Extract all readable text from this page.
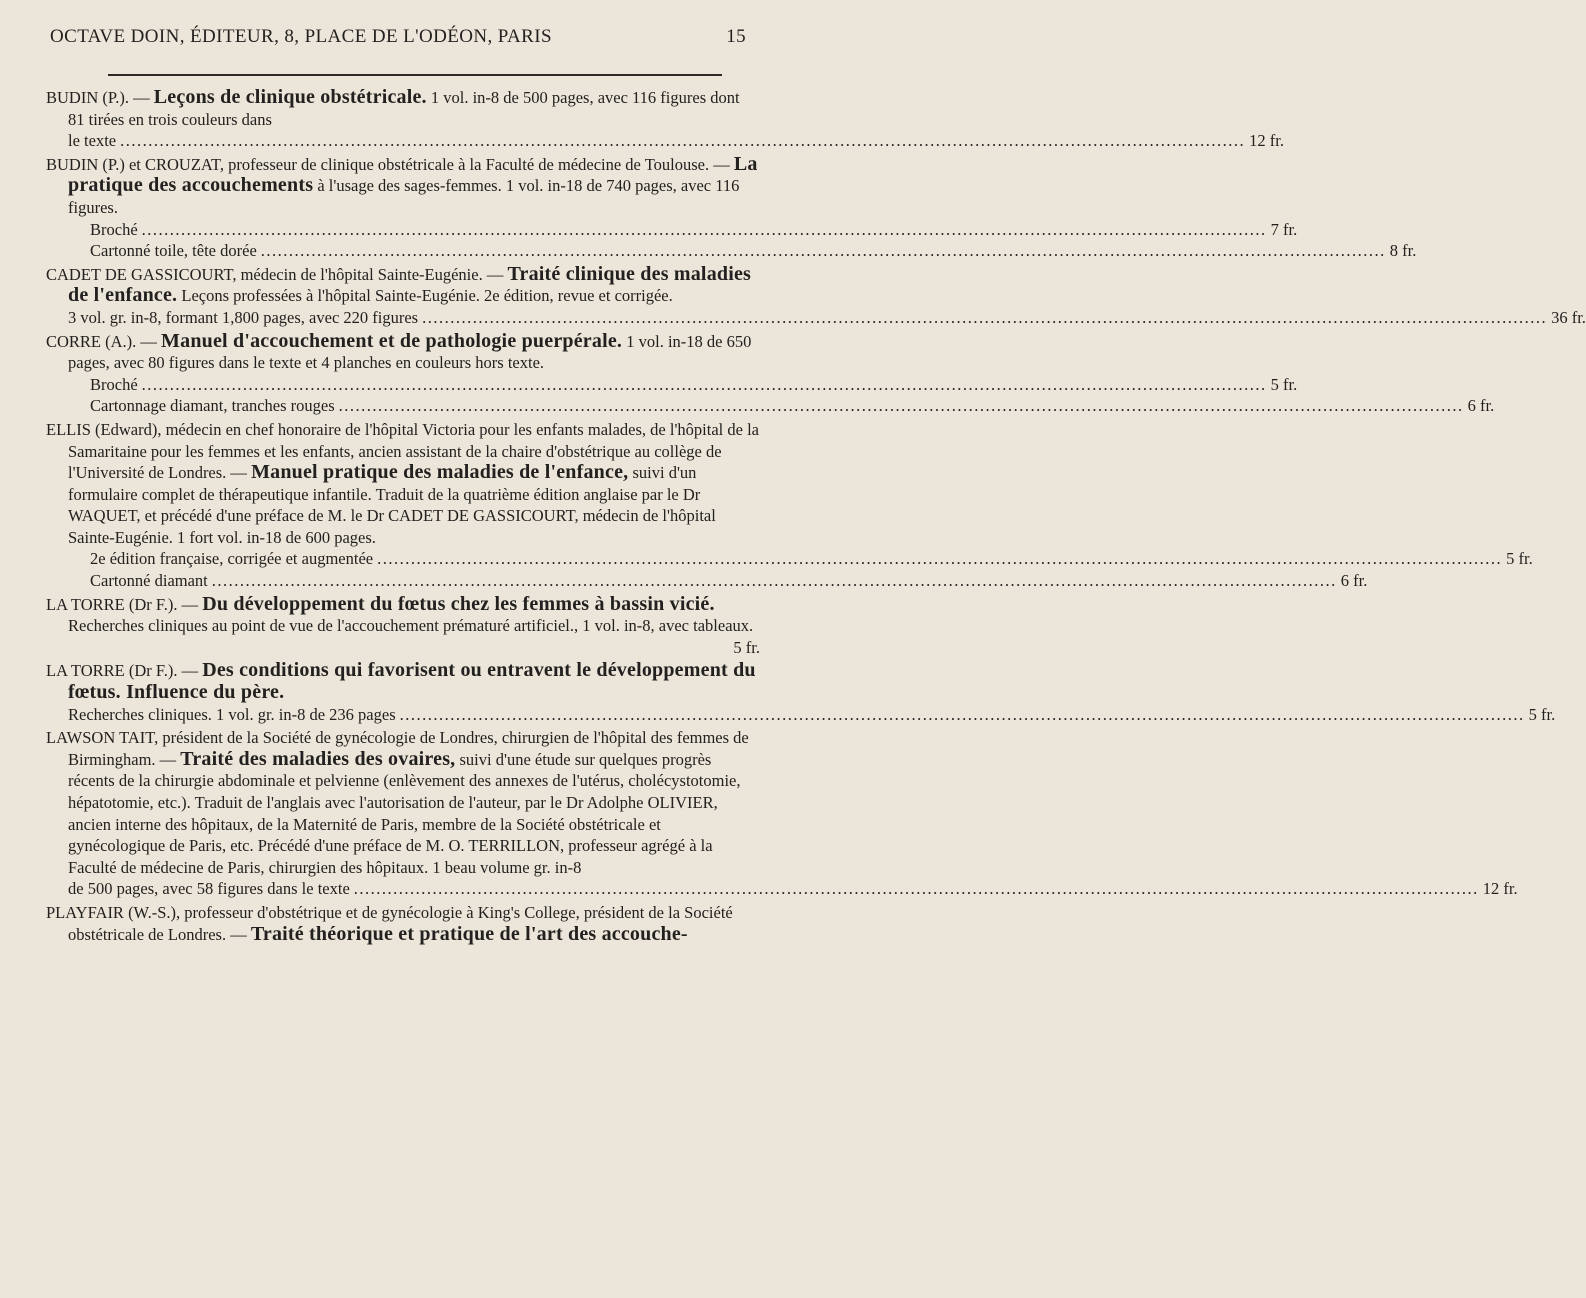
OCTAVE DOIN, ÉDITEUR, 8, PLACE DE L'ODÉON, PARIS	15
BUDIN (P.). — Leçons de clinique obstétricale. 1 vol. in-8 de 500 pages, avec 116 figures dont 81 tirées en trois couleurs dans
le texte ........................................................................................................................................................................................................ 12 fr.
BUDIN (P.) et CROUZAT, professeur de clinique obstétricale à la Faculté de médecine de Toulouse. — La pratique des accouchements à l'usage des sages-femmes. 1 vol. in-18 de 740 pages, avec 116 figures.
Broché ........................................................................................................................................................................................................ 7 fr.
Cartonné toile, tête dorée ........................................................................................................................................................................................................ 8 fr.
CADET DE GASSICOURT, médecin de l'hôpital Sainte-Eugénie. — Traité clinique des maladies de l'enfance. Leçons professées à l'hôpital Sainte-Eugénie. 2e édition, revue et corrigée.
3 vol. gr. in-8, formant 1,800 pages, avec 220 figures ........................................................................................................................................................................................................ 36 fr.
CORRE (A.). — Manuel d'accouchement et de pathologie puerpérale. 1 vol. in-18 de 650 pages, avec 80 figures dans le texte et 4 planches en couleurs hors texte.
Broché ........................................................................................................................................................................................................ 5 fr.
Cartonnage diamant, tranches rouges ........................................................................................................................................................................................................ 6 fr.
ELLIS (Edward), médecin en chef honoraire de l'hôpital Victoria pour les enfants malades, de l'hôpital de la Samaritaine pour les femmes et les enfants, ancien assistant de la chaire d'obstétrique au collège de l'Université de Londres. — Manuel pratique des maladies de l'enfance, suivi d'un formulaire complet de thérapeutique infantile. Traduit de la quatrième édition anglaise par le Dr WAQUET, et précédé d'une préface de M. le Dr CADET DE GASSICOURT, médecin de l'hôpital Sainte-Eugénie. 1 fort vol. in-18 de 600 pages.
2e édition française, corrigée et augmentée ........................................................................................................................................................................................................ 5 fr.
Cartonné diamant ........................................................................................................................................................................................................ 6 fr.
LA TORRE (Dr F.). — Du développement du fœtus chez les femmes à bassin vicié. Recherches cliniques au point de vue de l'accouchement prématuré artificiel., 1 vol. in-8, avec tableaux.
5 fr.
LA TORRE (Dr F.). — Des conditions qui favorisent ou entravent le développement du fœtus. Influence du père.
Recherches cliniques. 1 vol. gr. in-8 de 236 pages ........................................................................................................................................................................................................ 5 fr.
LAWSON TAIT, président de la Société de gynécologie de Londres, chirurgien de l'hôpital des femmes de Birmingham. — Traité des maladies des ovaires, suivi d'une étude sur quelques progrès récents de la chirurgie abdominale et pelvienne (enlèvement des annexes de l'utérus, cholécystotomie, hépatotomie, etc.). Traduit de l'anglais avec l'autorisation de l'auteur, par le Dr Adolphe OLIVIER, ancien interne des hôpitaux, de la Maternité de Paris, membre de la Société obstétricale et gynécologique de Paris, etc. Précédé d'une préface de M. O. TERRILLON, professeur agrégé à la Faculté de médecine de Paris, chirurgien des hôpitaux. 1 beau volume gr. in-8
de 500 pages, avec 58 figures dans le texte ........................................................................................................................................................................................................ 12 fr.
PLAYFAIR (W.-S.), professeur d'obstétrique et de gynécologie à King's College, président de la Société obstétricale de Londres. — Traité théorique et pratique de l'art des accouche-
